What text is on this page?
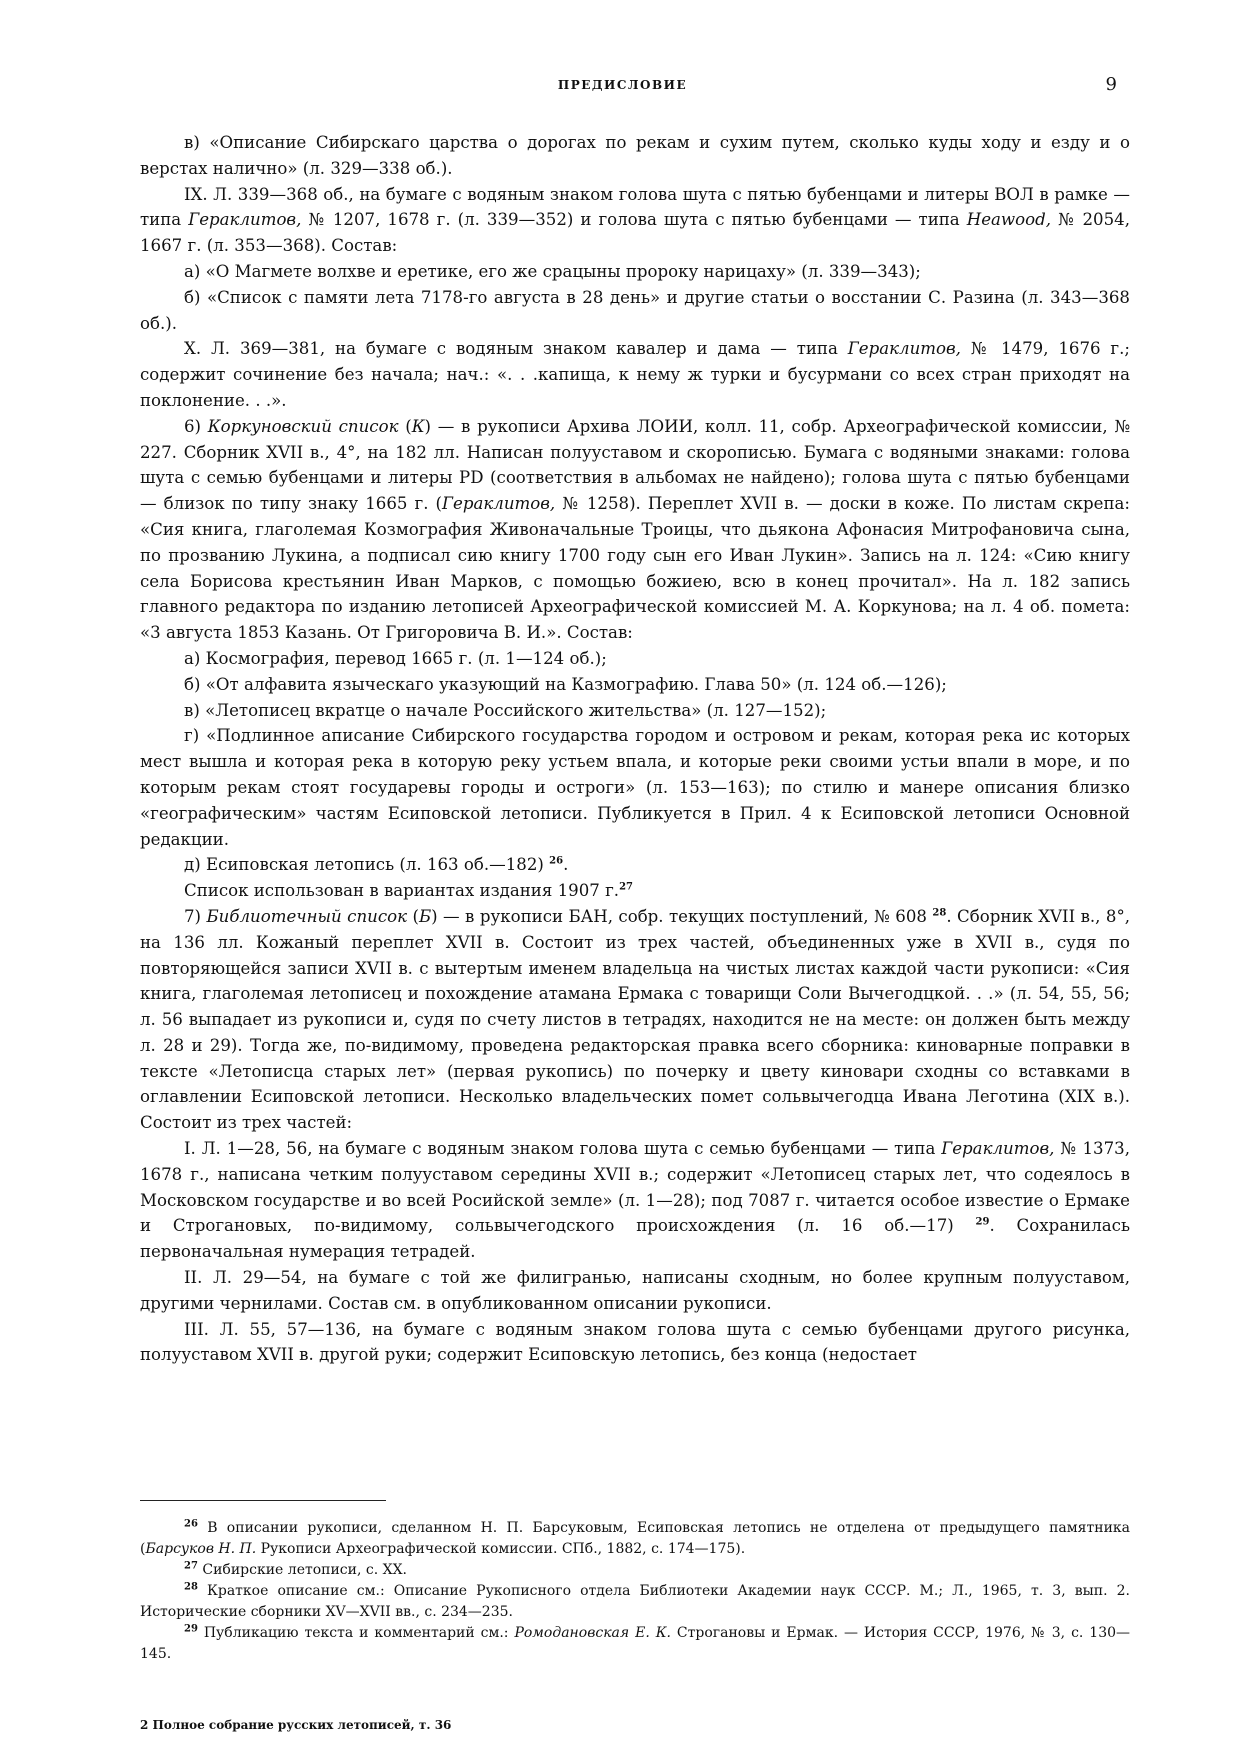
ПРЕДИСЛОВИЕ	9

в) «Описание Сибирскаго царства о дорогах по рекам и сухим путем, сколько куды ходу и езду и о верстах налично» (л. 329—338 об.).

IX. Л. 339—368 об., на бумаге с водяным знаком голова шута с пятью бубенцами и литеры ВОЛ в рамке — типа Гераклитов, № 1207, 1678 г. (л. 339—352) и голова шута с пятью бубенцами — типа Heawood, № 2054, 1667 г. (л. 353—368). Состав:

а) «О Магмете волхве и еретике, его же срацыны пророку нарицаху» (л. 339—343);

б) «Список с памяти лета 7178-го августа в 28 день» и другие статьи о восстании С. Разина (л. 343—368 об.).

X. Л. 369—381, на бумаге с водяным знаком кавалер и дама — типа Гераклитов, № 1479, 1676 г.; содержит сочинение без начала; нач.: «. . .капища, к нему ж турки и бусурмани со всех стран приходят на поклонение. . .».

6) Коркуновский список (К) — в рукописи Архива ЛОИИ, колл. 11, собр. Археографической комиссии, № 227. Сборник XVII в., 4°, на 182 лл. Написан полууставом и скорописью. Бумага с водяными знаками: голова шута с семью бубенцами и литеры PD (соответствия в альбомах не найдено); голова шута с пятью бубенцами — близок по типу знаку 1665 г. (Гераклитов, № 1258). Переплет XVII в. — доски в коже. По листам скрепа: «Сия книга, глаголемая Козмография Живоначальные Троицы, что дьякона Афонасия Митрофановича сына, по прозванию Лукина, а подписал сию книгу 1700 году сын его Иван Лукин». Запись на л. 124: «Сию книгу села Борисова крестьянин Иван Марков, с помощью божиею, всю в конец прочитал». На л. 182 запись главного редактора по изданию летописей Археографической комиссией М. А. Коркунова; на л. 4 об. помета: «3 августа 1853 Казань. От Григоровича В. И.». Состав:

а) Космография, перевод 1665 г. (л. 1—124 об.);

б) «От алфавита языческаго указующий на Казмографию. Глава 50» (л. 124 об.—126);

в) «Летописец вкратце о начале Российского жительства» (л. 127—152);

г) «Подлинное аписание Сибирского государства городом и островом и рекам, которая река ис которых мест вышла и которая река в которую реку устьем впала, и которые реки своими устьи впали в море, и по которым рекам стоят государевы городы и остроги» (л. 153—163); по стилю и манере описания близко «географическим» частям Есиповской летописи. Публикуется в Прил. 4 к Есиповской летописи Основной редакции.

д) Есиповская летопись (л. 163 об.—182) $^{26}$.

Список использован в вариантах издания 1907 г.$^{27}$

7) Библиотечный список (Б) — в рукописи БАН, собр. текущих поступлений, № 608 $^{28}$. Сборник XVII в., 8°, на 136 лл. Кожаный переплет XVII в. Состоит из трех частей, объединенных уже в XVII в., судя по повторяющейся записи XVII в. с вытертым именем владельца на чистых листах каждой части рукописи: «Сия книга, глаголемая летописец и похождение атамана Ермака с товарищи Соли Вычегодцкой. . .» (л. 54, 55, 56; л. 56 выпадает из рукописи и, судя по счету листов в тетрадях, находится не на месте: он должен быть между л. 28 и 29). Тогда же, по-видимому, проведена редакторская правка всего сборника: киноварные поправки в тексте «Летописца старых лет» (первая рукопись) по почерку и цвету киновари сходны со вставками в оглавлении Есиповской летописи. Несколько владельческих помет сольвычегодца Ивана Леготина (XIX в.). Состоит из трех частей:

I. Л. 1—28, 56, на бумаге с водяным знаком голова шута с семью бубенцами — типа Гераклитов, № 1373, 1678 г., написана четким полууставом середины XVII в.; содержит «Летописец старых лет, что содеялось в Московском государстве и во всей Росийской земле» (л. 1—28); под 7087 г. читается особое известие о Ермаке и Строгановых, по-видимому, сольвычегодского происхождения (л. 16 об.—17) $^{29}$. Сохранилась первоначальная нумерация тетрадей.

II. Л. 29—54, на бумаге с той же филигранью, написаны сходным, но более крупным полууставом, другими чернилами. Состав см. в опубликованном описании рукописи.

III. Л. 55, 57—136, на бумаге с водяным знаком голова шута с семью бубенцами другого рисунка, полууставом XVII в. другой руки; содержит Есиповскую летопись, без конца (недостает

$^{26}$ В описании рукописи, сделанном Н. П. Барсуковым, Есиповская летопись не отделена от предыдущего памятника (Барсуков Н. П. Рукописи Археографической комиссии. СПб., 1882, с. 174—175).

$^{27}$ Сибирские летописи, с. XX.

$^{28}$ Краткое описание см.: Описание Рукописного отдела Библиотеки Академии наук СССР. М.; Л., 1965, т. 3, вып. 2. Исторические сборники XV—XVII вв., с. 234—235.

$^{29}$ Публикацию текста и комментарий см.: Ромодановская Е. К. Строгановы и Ермак. — История СССР, 1976, № 3, с. 130—145.

2 Полное собрание русских летописей, т. 36
